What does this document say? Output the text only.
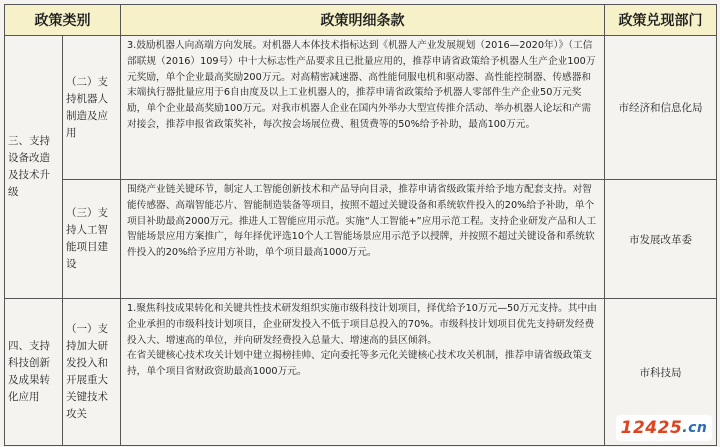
政策类别		政策明细条款	政策兑现部门
三、支持设备改造及技术升级	（二）支持机器人制造及应用	3.鼓励机器人向高端方向发展。对机器人本体技术指标达到《机器人产业发展规划（2016—2020年）》（工信部联规（2016）109号）中十大标志性产品要求且已批量应用的，推荐申请省政策给予机器人生产企业100万元奖励，单个企业最高奖励200万元。对高精密减速器、高性能伺服电机和驱动器、高性能控制器、传感器和末端执行器批量应用于6自由度及以上工业机器人的，推荐申请省政策给予机器人零部件生产企业50万元奖励，单个企业最高奖励100万元。对我市机器人企业在国内外举办大型宣传推介活动、举办机器人论坛和产需对接会，推荐申报省政策奖补，每次按会场展位费、租赁费等的50%给予补助，最高100万元。	市经济和信息化局
	（三）支持人工智能项目建设	围绕产业链关键环节，制定人工智能创新技术和产品导向目录，推荐申请省级政策并给予地方配套支持。对智能传感器、高端智能芯片、智能制造装备等项目，按照不超过关键设备和系统软件投入的20%给予补助，单个项目补助最高2000万元。推进人工智能应用示范。实施“人工智能+”应用示范工程。支持企业研发产品和人工智能场景应用方案推广，每年择优评选10个人工智能场景应用示范予以授牌，并按照不超过关键设备和系统软件投入的20%给予应用方补助，单个项目最高1000万元。	市发展改革委
四、支持科技创新及成果转化应用	（一）支持加大研发投入和开展重大关键技术攻关	1.聚焦科技成果转化和关键共性技术研发组织实施市级科技计划项目，择优给予10万元—50万元支持。其中由企业承担的市级科技计划项目，企业研发投入不低于项目总投入的70%。市级科技计划项目优先支持研发经费投入大、增速高的单位，并向研发经费投入总量大、增速高的县区倾斜。

在省关键核心技术攻关计划中建立揭榜挂帅、定向委托等多元化关键核心技术攻关机制，推荐申请省级政策支持，单个项目省财政资助最高1000万元。	市科技局
12425 .cn
